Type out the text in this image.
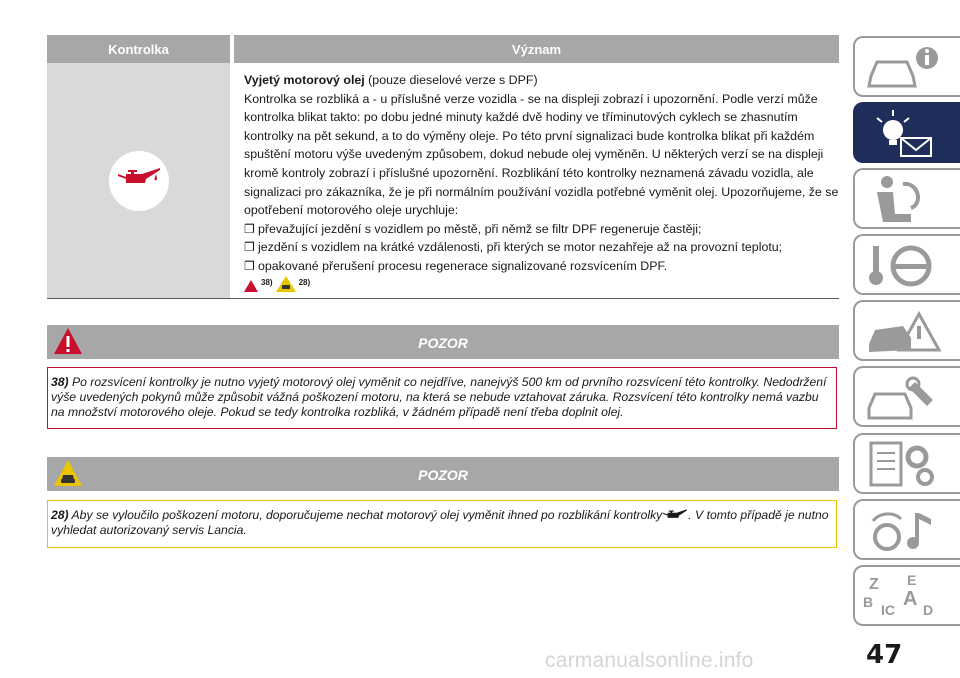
Kontrolka	Význam
Vyjetý motorový olej (pouze dieselové verze s DPF)
Kontrolka se rozbliká a - u příslušné verze vozidla - se na displeji zobrazí i upozornění. Podle verzí může kontrolka blikat takto: po dobu jedné minuty každé dvě hodiny ve tříminutových cyklech se zhasnutím kontrolky na pět sekund, a to do výměny oleje. Po této první signalizaci bude kontrolka blikat při každém spuštění motoru výše uvedeným způsobem, dokud nebude olej vyměněn. U některých verzí se na displeji kromě kontroly zobrazí i příslušné upozornění. Rozblikání této kontrolky neznamená závadu vozidla, ale signalizaci pro zákazníka, že je při normálním používání vozidla potřebné vyměnit olej. Upozorňujeme, že se opotřebení motorového oleje urychluje:
❒ převažující jezdění s vozidlem po městě, při němž se filtr DPF regeneruje častěji;
❒ jezdění s vozidlem na krátké vzdálenosti, při kterých se motor nezahřeje až na provozní teplotu;
❒ opakované přerušení procesu regenerace signalizované rozsvícením DPF.
38)	28)
POZOR
38) Po rozsvícení kontrolky je nutno vyjetý motorový olej vyměnit co nejdříve, nanejvýš 500 km od prvního rozsvícení této kontrolky. Nedodržení výše uvedených pokynů může způsobit vážná poškození motoru, na která se nebude vztahovat záruka. Rozsvícení této kontrolky nemá vazbu na množství motorového oleje. Pokud se tedy kontrolka rozbliká, v žádném případě není třeba doplnit olej.
POZOR
28) Aby se vyloučilo poškození motoru, doporučujeme nechat motorový olej vyměnit ihned po rozblikání kontrolky . V tomto případě je nutno vyhledat autorizovaný servis Lancia.
Z E
B A
IC D
47
carmanualsonline.info
